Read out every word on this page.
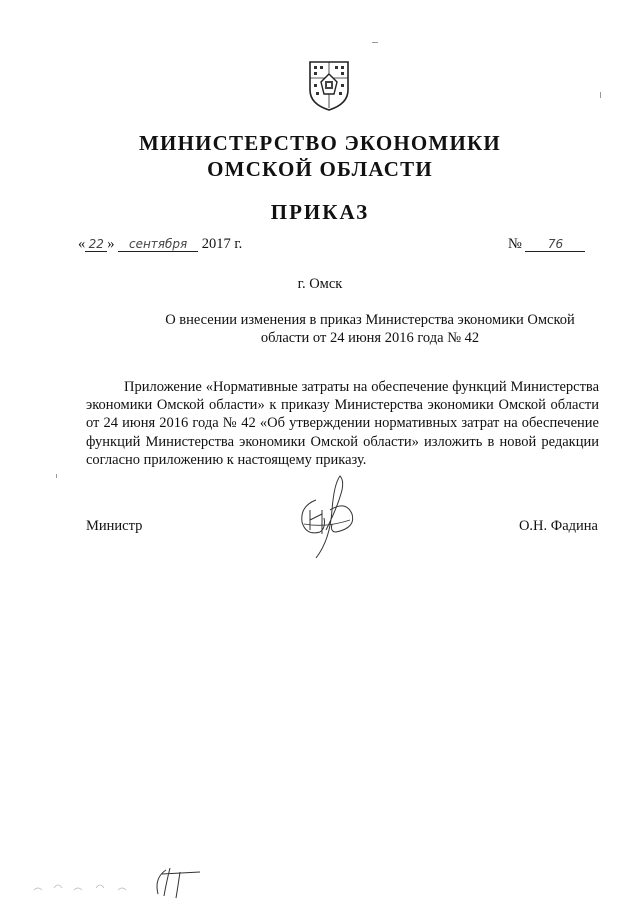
МИНИСТЕРСТВО ЭКОНОМИКИ
ОМСКОЙ ОБЛАСТИ
ПРИКАЗ
« 22 » сентября 2017 г.	№ 76
г. Омск
О внесении изменения в приказ Министерства экономики Омской
области от 24 июня 2016 года № 42
Приложение «Нормативные затраты на обеспечение функций Министерства экономики Омской области» к приказу Министерства экономики Омской области от 24 июня 2016 года № 42 «Об утверждении нормативных затрат на обеспечение функций Министерства экономики Омской области» изложить в новой редакции согласно приложению к настоящему приказу.
Министр	О.Н. Фадина
